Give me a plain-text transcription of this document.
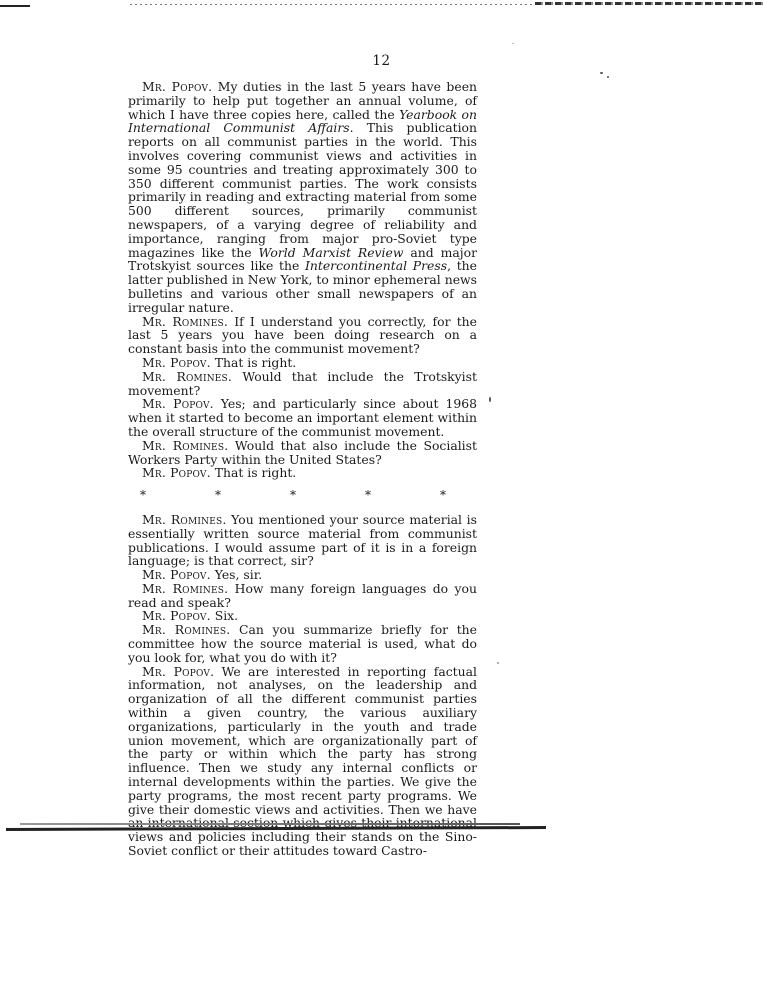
12

Mr. Popov. My duties in the last 5 years have been primarily to help put together an annual volume, of which I have three copies here, called the Yearbook on International Communist Affairs. This publication reports on all communist parties in the world. This involves covering communist views and activities in some 95 countries and treating approximately 300 to 350 different communist parties. The work consists primarily in reading and extracting material from some 500 different sources, primarily communist newspapers, of a varying degree of reliability and importance, ranging from major pro-Soviet type magazines like the World Marxist Review and major Trotskyist sources like the Intercontinental Press, the latter published in New York, to minor ephemeral news bulletins and various other small newspapers of an irregular nature.

Mr. Romines. If I understand you correctly, for the last 5 years you have been doing research on a constant basis into the communist movement?

Mr. Popov. That is right.

Mr. Romines. Would that include the Trotskyist movement?

Mr. Popov. Yes; and particularly since about 1968 when it started to become an important element within the overall structure of the communist movement.

Mr. Romines. Would that also include the Socialist Workers Party within the United States?

Mr. Popov. That is right.

*	*	*	*	*

Mr. Romines. You mentioned your source material is essentially written source material from communist publications. I would assume part of it is in a foreign language; is that correct, sir?

Mr. Popov. Yes, sir.

Mr. Romines. How many foreign languages do you read and speak?

Mr. Popov. Six.

Mr. Romines. Can you summarize briefly for the committee how the source material is used, what do you look for, what you do with it?

Mr. Popov. We are interested in reporting factual information, not analyses, on the leadership and organization of all the different communist parties within a given country, the various auxiliary organizations, particularly in the youth and trade union movement, which are organizationally part of the party or within which the party has strong influence. Then we study any internal conflicts or internal developments within the parties. We give the party programs, the most recent party programs. We give their domestic views and activities. Then we have views and policies including their stands on the Sino-Soviet conflict or their attitudes toward Castro-
